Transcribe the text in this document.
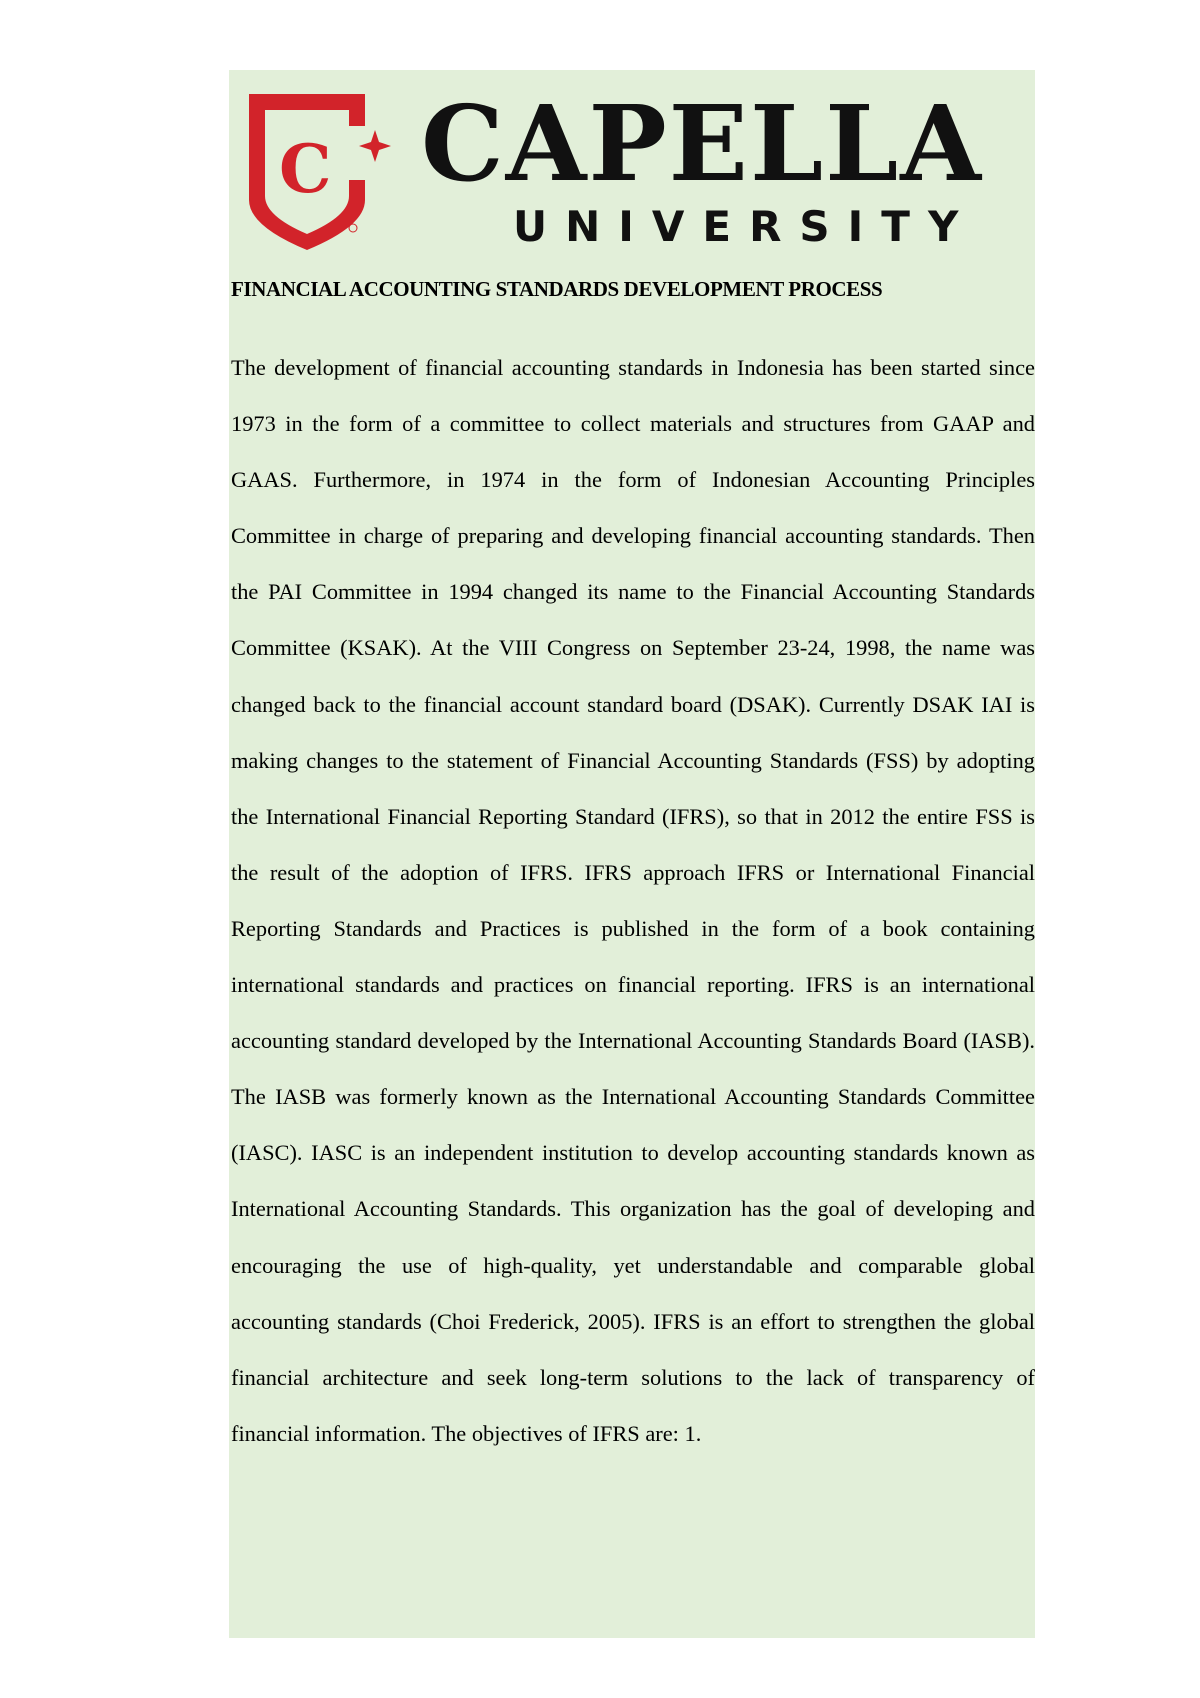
C CAPELLA
UNIVERSITY
FINANCIAL ACCOUNTING STANDARDS DEVELOPMENT PROCESS

The development of financial accounting standards in Indonesia has been started since 1973 in the form of a committee to collect materials and structures from GAAP and GAAS. Furthermore, in 1974 in the form of Indonesian Accounting Principles Committee in charge of preparing and developing financial accounting standards. Then the PAI Committee in 1994 changed its name to the Financial Accounting Standards Committee (KSAK). At the VIII Congress on September 23-24, 1998, the name was changed back to the financial account standard board (DSAK). Currently DSAK IAI is making changes to the statement of Financial Accounting Standards (FSS) by adopting the International Financial Reporting Standard (IFRS), so that in 2012 the entire FSS is the result of the adoption of IFRS. IFRS approach IFRS or International Financial Reporting Standards and Practices is published in the form of a book containing international standards and practices on financial reporting. IFRS is an international accounting standard developed by the International Accounting Standards Board (IASB). The IASB was formerly known as the International Accounting Standards Committee (IASC). IASC is an independent institution to develop accounting standards known as International Accounting Standards. This organization has the goal of developing and encouraging the use of high-quality, yet understandable and comparable global accounting standards (Choi Frederick, 2005). IFRS is an effort to strengthen the global financial architecture and seek long-term solutions to the lack of transparency of financial information. The objectives of IFRS are: 1.
